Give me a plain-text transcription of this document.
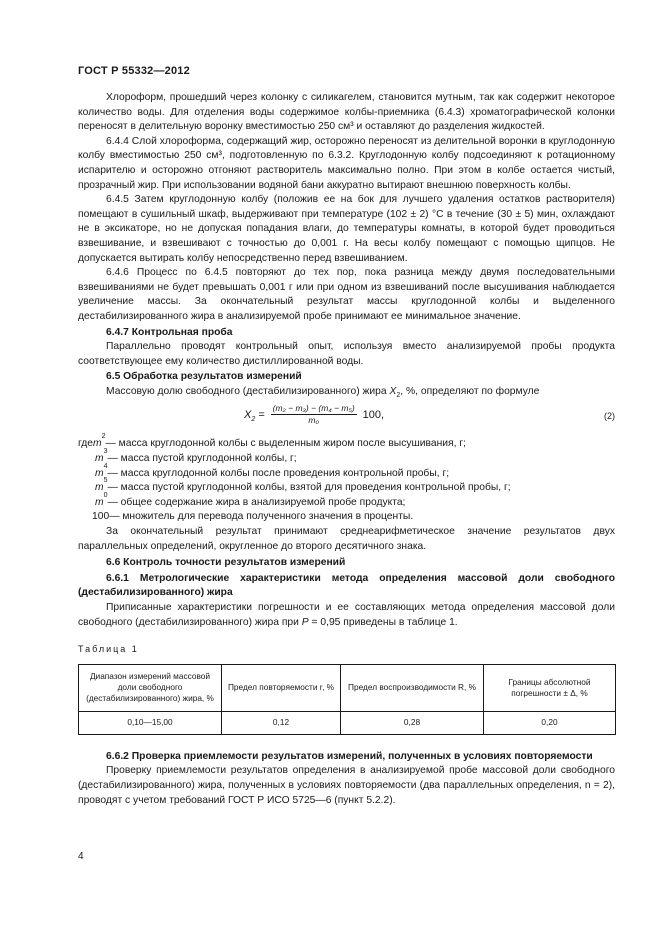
ГОСТ Р 55332—2012

Хлороформ, прошедший через колонку с силикагелем, становится мутным, так как содержит некоторое количество воды. Для отделения воды содержимое колбы-приемника (6.4.3) хроматографической колонки переносят в делительную воронку вместимостью 250 см³ и оставляют до разделения жидкостей.

6.4.4 Слой хлороформа, содержащий жир, осторожно переносят из делительной воронки в круглодонную колбу вместимостью 250 см³, подготовленную по 6.3.2. Круглодонную колбу подсоединяют к ротационному испарителю и осторожно отгоняют растворитель максимально полно. При этом в колбе остается чистый, прозрачный жир. При использовании водяной бани аккуратно вытирают внешнюю поверхность колбы.

6.4.5 Затем круглодонную колбу (положив ее на бок для лучшего удаления остатков растворителя) помещают в сушильный шкаф, выдерживают при температуре (102 ± 2) °С в течение (30 ± 5) мин, охлаждают не в эксикаторе, но не допуская попадания влаги, до температуры комнаты, в которой будет проводиться взвешивание, и взвешивают с точностью до 0,001 г. На весы колбу помещают с помощью щипцов. Не допускается вытирать колбу непосредственно перед взвешиванием.

6.4.6 Процесс по 6.4.5 повторяют до тех пор, пока разница между двумя последовательными взвешиваниями не будет превышать 0,001 г или при одном из взвешиваний после высушивания наблюдается увеличение массы. За окончательный результат массы круглодонной колбы и выделенного дестабилизированного жира в анализируемой пробе принимают ее минимальное значение.

6.4.7 Контрольная проба

Параллельно проводят контрольный опыт, используя вместо анализируемой пробы продукта соответствующее ему количество дистиллированной воды.

6.5 Обработка результатов измерений

Массовую долю свободного (дестабилизированного) жира $X_2$, %, определяют по формуле

$X_2 = \frac{\text{(m₂ − m₃) − (m₄ − m₅)}}{\text{m₀}} 100$,	(2)
где m
2
— масса круглодонной колбы с выделенным жиром после высушивания, г;
m
3
— масса пустой круглодонной колбы, г;
m
4
— масса круглодонной колбы после проведения контрольной пробы, г;
m
5
— масса пустой круглодонной колбы, взятой для проведения контрольной пробы, г;
m
0
— общее содержание жира в анализируемой пробе продукта;
100 — множитель для перевода полученного значения в проценты.

За окончательный результат принимают среднеарифметическое значение результатов двух параллельных определений, округленное до второго десятичного знака.

6.6 Контроль точности результатов измерений

6.6.1 Метрологические характеристики метода определения массовой доли свободного (дестабилизированного) жира

Приписанные характеристики погрешности и ее составляющих метода определения массовой доли свободного (дестабилизированного) жира при P = 0,95 приведены в таблице 1.

Таблица 1
Диапазон измерений массовой доли свободного (дестабилизированного) жира, %	Предел повторяемости r, %	Предел воспроизводимости R, %	Границы абсолютной погрешности ± Δ, %
0,10—15,00	0,12	0,28	0,20

6.6.2 Проверка приемлемости результатов измерений, полученных в условиях повторяемости

Проверку приемлемости результатов определения в анализируемой пробе массовой доли свободного (дестабилизированного) жира, полученных в условиях повторяемости (два параллельных определения, n = 2), проводят с учетом требований ГОСТ Р ИСО 5725—6 (пункт 5.2.2).

4
